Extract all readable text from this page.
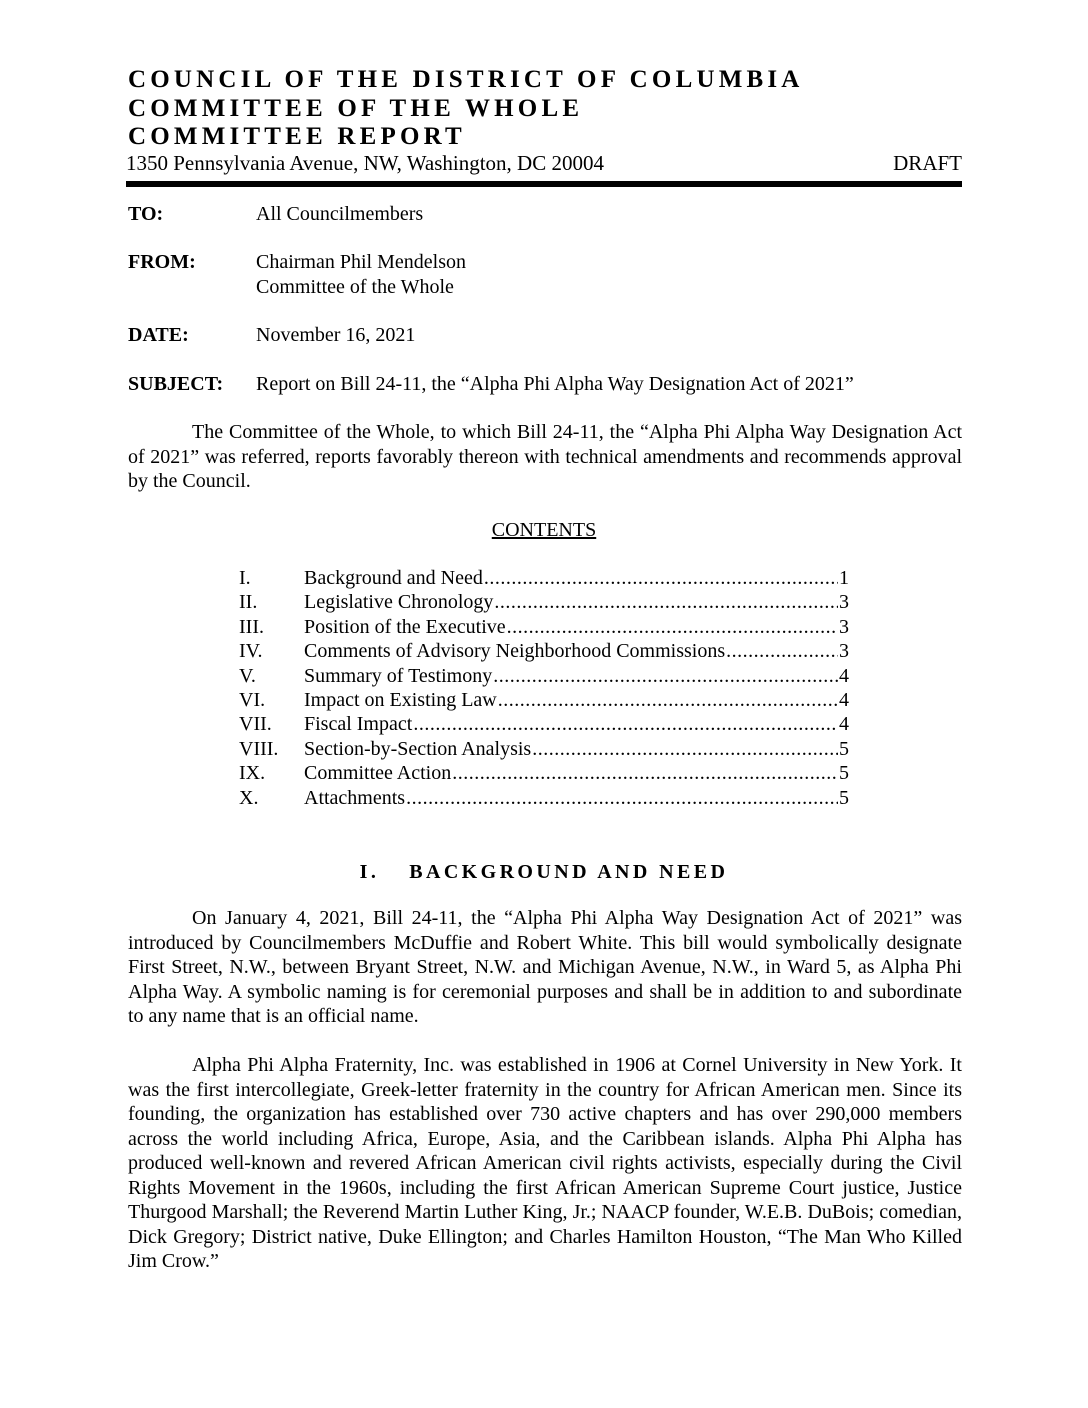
COUNCIL OF THE DISTRICT OF COLUMBIA
COMMITTEE OF THE WHOLE
COMMITTEE REPORT
1350 Pennsylvania Avenue, NW, Washington, DC 20004	DRAFT
TO:	All Councilmembers
FROM:	Chairman Phil Mendelson
Committee of the Whole
DATE:	November 16, 2021
SUBJECT: Report on Bill 24-11, the “Alpha Phi Alpha Way Designation Act of 2021”

The Committee of the Whole, to which Bill 24-11, the “Alpha Phi Alpha Way Designation Act of 2021” was referred, reports favorably thereon with technical amendments and recommends approval by the Council.

CONTENTS
I.	Background and Need .....	1
II. Legislative Chronology .....	3
III. Position of the Executive .....	3
IV. Comments of Advisory Neighborhood Commissions .....	3
V. Summary of Testimony .....	4
VI. Impact on Existing Law .....	4
VII. Fiscal Impact .....	4
VIII. Section-by-Section Analysis .....	5
IX. Committee Action .....	5
X. Attachments .....	5
I. BACKGROUND AND NEED

On January 4, 2021, Bill 24-11, the “Alpha Phi Alpha Way Designation Act of 2021” was introduced by Councilmembers McDuffie and Robert White. This bill would symbolically designate First Street, N.W., between Bryant Street, N.W. and Michigan Avenue, N.W., in Ward 5, as Alpha Phi Alpha Way. A symbolic naming is for ceremonial purposes and shall be in addition to and subordinate to any name that is an official name.

Alpha Phi Alpha Fraternity, Inc. was established in 1906 at Cornel University in New York. It was the first intercollegiate, Greek-letter fraternity in the country for African American men. Since its founding, the organization has established over 730 active chapters and has over 290,000 members across the world including Africa, Europe, Asia, and the Caribbean islands. Alpha Phi Alpha has produced well-known and revered African American civil rights activists, especially during the Civil Rights Movement in the 1960s, including the first African American Supreme Court justice, Justice Thurgood Marshall; the Reverend Martin Luther King, Jr.; NAACP founder, W.E.B. DuBois; comedian, Dick Gregory; District native, Duke Ellington; and Charles Hamilton Houston, “The Man Who Killed Jim Crow.”
